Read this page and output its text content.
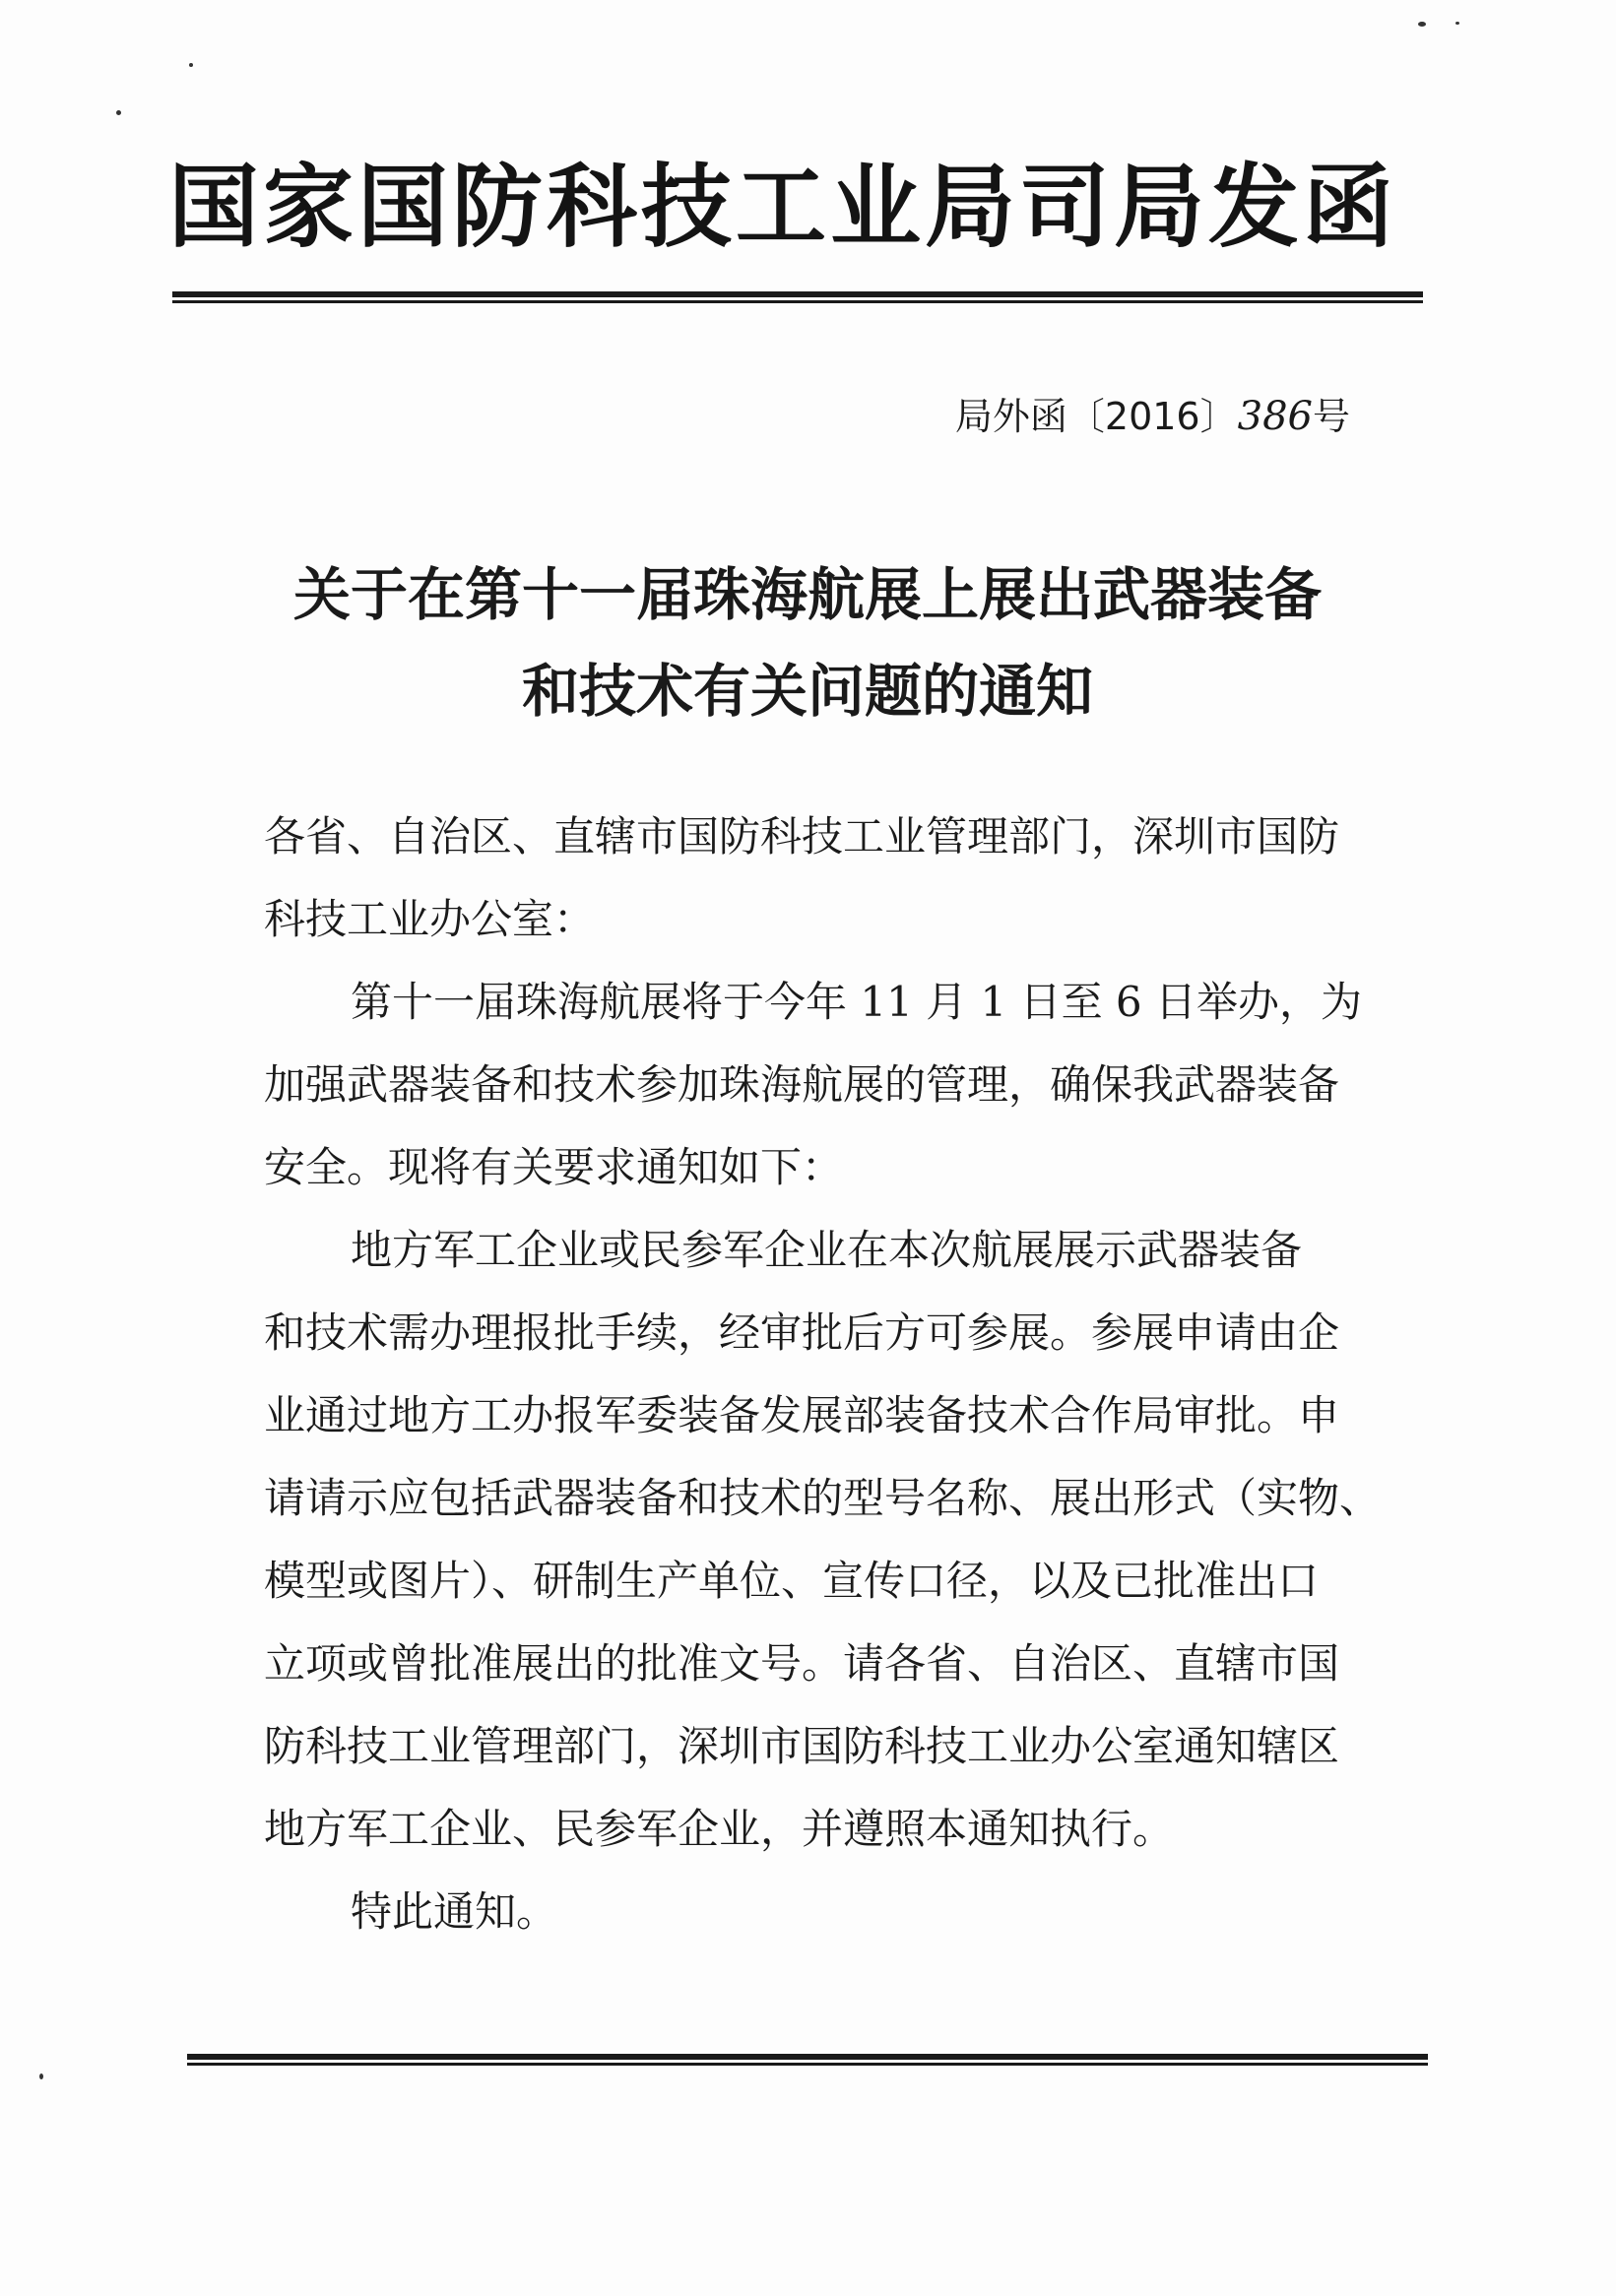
国家国防科技工业局司局发函
局外函〔2016〕386号
关于在第十一届珠海航展上展出武器装备
和技术有关问题的通知
各省、自治区、直辖市国防科技工业管理部门，深圳市国防
科技工业办公室：
第十一届珠海航展将于今年 11 月 1 日至 6 日举办，为
加强武器装备和技术参加珠海航展的管理，确保我武器装备
安全。现将有关要求通知如下：
地方军工企业或民参军企业在本次航展展示武器装备
和技术需办理报批手续，经审批后方可参展。参展申请由企
业通过地方工办报军委装备发展部装备技术合作局审批。申
请请示应包括武器装备和技术的型号名称、展出形式（实物、
模型或图片）、研制生产单位、宣传口径，以及已批准出口
立项或曾批准展出的批准文号。请各省、自治区、直辖市国
防科技工业管理部门，深圳市国防科技工业办公室通知辖区
地方军工企业、民参军企业，并遵照本通知执行。
特此通知。
